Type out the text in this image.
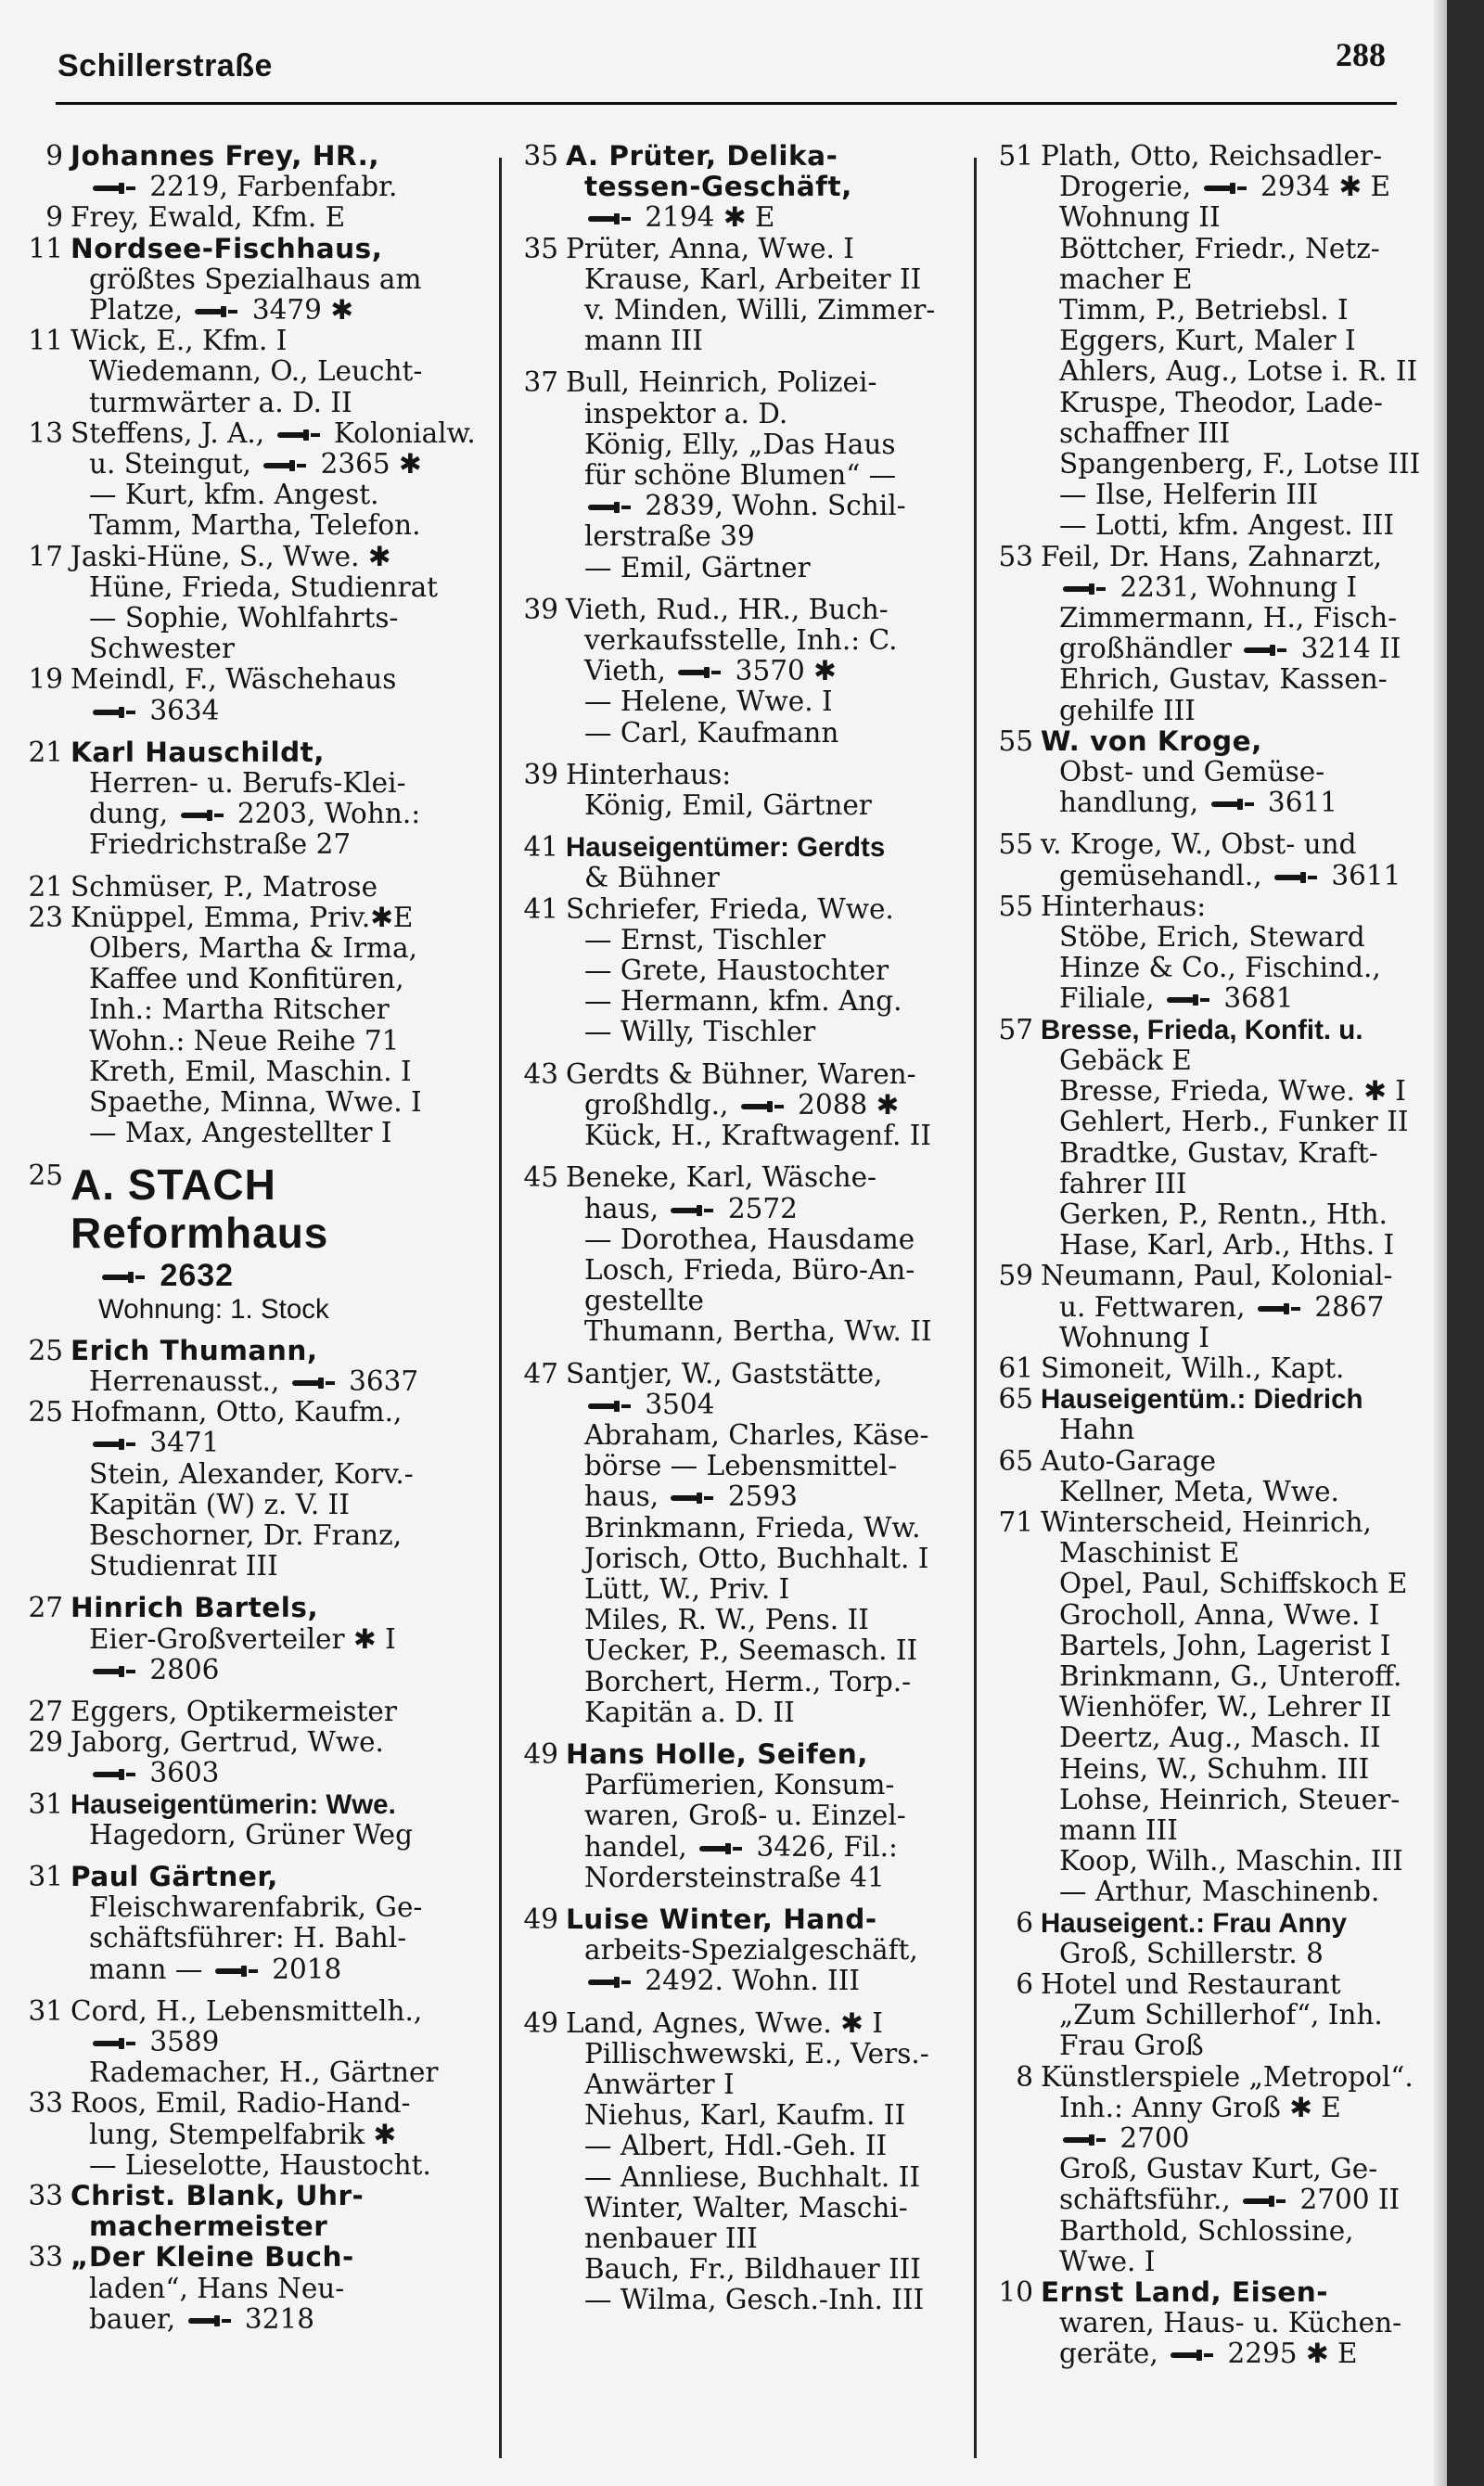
Schillerstraße	288
9 Johannes Frey, HR.,
2219, Farbenfabr.
9 Frey, Ewald, Kfm. E
11 Nordsee-Fischhaus,
größtes Spezialhaus am
Platze,
3479 ✱
11 Wick, E., Kfm. I
Wiedemann, O., Leucht-
turmwärter a. D. II
13 Steffens, J. A.,
Kolonialw.
u. Steingut,
2365 ✱
— Kurt, kfm. Angest.
Tamm, Martha, Telefon.
17 Jaski-Hüne, S., Wwe. ✱
Hüne, Frieda, Studienrat
— Sophie, Wohlfahrts-
Schwester
19 Meindl, F., Wäschehaus
3634
21 Karl Hauschildt,
Herren- u. Berufs-Klei-
dung,
2203, Wohn.:
Friedrichstraße 27
21 Schmüser, P., Matrose
23 Knüppel, Emma, Priv.✱E
Olbers, Martha & Irma,
Kaffee und Konfitüren,
Inh.: Martha Ritscher
Wohn.: Neue Reihe 71
Kreth, Emil, Maschin. I
Spaethe, Minna, Wwe. I
— Max, Angestellter I
25 A. STACH
Reformhaus
2632
Wohnung: 1. Stock
25 Erich Thumann,
Herrenausst.,
3637
25 Hofmann, Otto, Kaufm.,
3471
Stein, Alexander, Korv.-
Kapitän (W) z. V. II
Beschorner, Dr. Franz,
Studienrat III
27 Hinrich Bartels,
Eier-Großverteiler ✱ I
2806
27 Eggers, Optikermeister
29 Jaborg, Gertrud, Wwe.
3603
31 Hauseigentümerin: Wwe.
Hagedorn, Grüner Weg
31 Paul Gärtner,
Fleischwarenfabrik, Ge-
schäftsführer: H. Bahl-
mann —
2018
31 Cord, H., Lebensmittelh.,
3589
Rademacher, H., Gärtner
33 Roos, Emil, Radio-Hand-
lung, Stempelfabrik ✱
— Lieselotte, Haustocht.
33 Christ. Blank, Uhr-
machermeister
33 „Der Kleine Buch-
laden“, Hans Neu-
bauer,
3218
35 A. Prüter, Delika-
tessen-Geschäft,
2194 ✱ E
35 Prüter, Anna, Wwe. I
Krause, Karl, Arbeiter II
v. Minden, Willi, Zimmer-
mann III
37 Bull, Heinrich, Polizei-
inspektor a. D.
König, Elly, „Das Haus
für schöne Blumen“ —
2839, Wohn. Schil-
lerstraße 39
— Emil, Gärtner
39 Vieth, Rud., HR., Buch-
verkaufsstelle, Inh.: C.
Vieth,
3570 ✱
— Helene, Wwe. I
— Carl, Kaufmann
39 Hinterhaus:
König, Emil, Gärtner
41 Hauseigentümer: Gerdts
& Bühner
41 Schriefer, Frieda, Wwe.
— Ernst, Tischler
— Grete, Haustochter
— Hermann, kfm. Ang.
— Willy, Tischler
43 Gerdts & Bühner, Waren-
großhdlg.,
2088 ✱
Kück, H., Kraftwagenf. II
45 Beneke, Karl, Wäsche-
haus,
2572
— Dorothea, Hausdame
Losch, Frieda, Büro-An-
gestellte
Thumann, Bertha, Ww. II
47 Santjer, W., Gaststätte,
3504
Abraham, Charles, Käse-
börse — Lebensmittel-
haus,
2593
Brinkmann, Frieda, Ww.
Jorisch, Otto, Buchhalt. I
Lütt, W., Priv. I
Miles, R. W., Pens. II
Uecker, P., Seemasch. II
Borchert, Herm., Torp.-
Kapitän a. D. II
49 Hans Holle, Seifen,
Parfümerien, Konsum-
waren, Groß- u. Einzel-
handel,
3426, Fil.:
Nordersteinstraße 41
49 Luise Winter, Hand-
arbeits-Spezialgeschäft,
2492. Wohn. III
49 Land, Agnes, Wwe. ✱ I
Pillischwewski, E., Vers.-
Anwärter I
Niehus, Karl, Kaufm. II
— Albert, Hdl.-Geh. II
— Annliese, Buchhalt. II
Winter, Walter, Maschi-
nenbauer III
Bauch, Fr., Bildhauer III
— Wilma, Gesch.-Inh. III
51 Plath, Otto, Reichsadler-
Drogerie,
2934 ✱ E
Wohnung II
Böttcher, Friedr., Netz-
macher E
Timm, P., Betriebsl. I
Eggers, Kurt, Maler I
Ahlers, Aug., Lotse i. R. II
Kruspe, Theodor, Lade-
schaffner III
Spangenberg, F., Lotse III
— Ilse, Helferin III
— Lotti, kfm. Angest. III
53 Feil, Dr. Hans, Zahnarzt,
2231, Wohnung I
Zimmermann, H., Fisch-
großhändler
3214 II
Ehrich, Gustav, Kassen-
gehilfe III
55 W. von Kroge,
Obst- und Gemüse-
handlung,
3611
55 v. Kroge, W., Obst- und
gemüsehandl.,
3611
55 Hinterhaus:
Stöbe, Erich, Steward
Hinze & Co., Fischind.,
Filiale,
3681
57 Bresse, Frieda, Konfit. u.
Gebäck E
Bresse, Frieda, Wwe. ✱ I
Gehlert, Herb., Funker II
Bradtke, Gustav, Kraft-
fahrer III
Gerken, P., Rentn., Hth.
Hase, Karl, Arb., Hths. I
59 Neumann, Paul, Kolonial-
u. Fettwaren,
2867
Wohnung I
61 Simoneit, Wilh., Kapt.
65 Hauseigentüm.: Diedrich
Hahn
65 Auto-Garage
Kellner, Meta, Wwe.
71 Winterscheid, Heinrich,
Maschinist E
Opel, Paul, Schiffskoch E
Grocholl, Anna, Wwe. I
Bartels, John, Lagerist I
Brinkmann, G., Unteroff.
Wienhöfer, W., Lehrer II
Deertz, Aug., Masch. II
Heins, W., Schuhm. III
Lohse, Heinrich, Steuer-
mann III
Koop, Wilh., Maschin. III
— Arthur, Maschinenb.
6 Hauseigent.: Frau Anny
Groß, Schillerstr. 8
6 Hotel und Restaurant
„Zum Schillerhof“, Inh.
Frau Groß
8 Künstlerspiele „Metropol“.
Inh.: Anny Groß ✱ E
2700
Groß, Gustav Kurt, Ge-
schäftsführ.,
2700 II
Barthold, Schlossine,
Wwe. I
10 Ernst Land, Eisen-
waren, Haus- u. Küchen-
geräte,
2295 ✱ E
